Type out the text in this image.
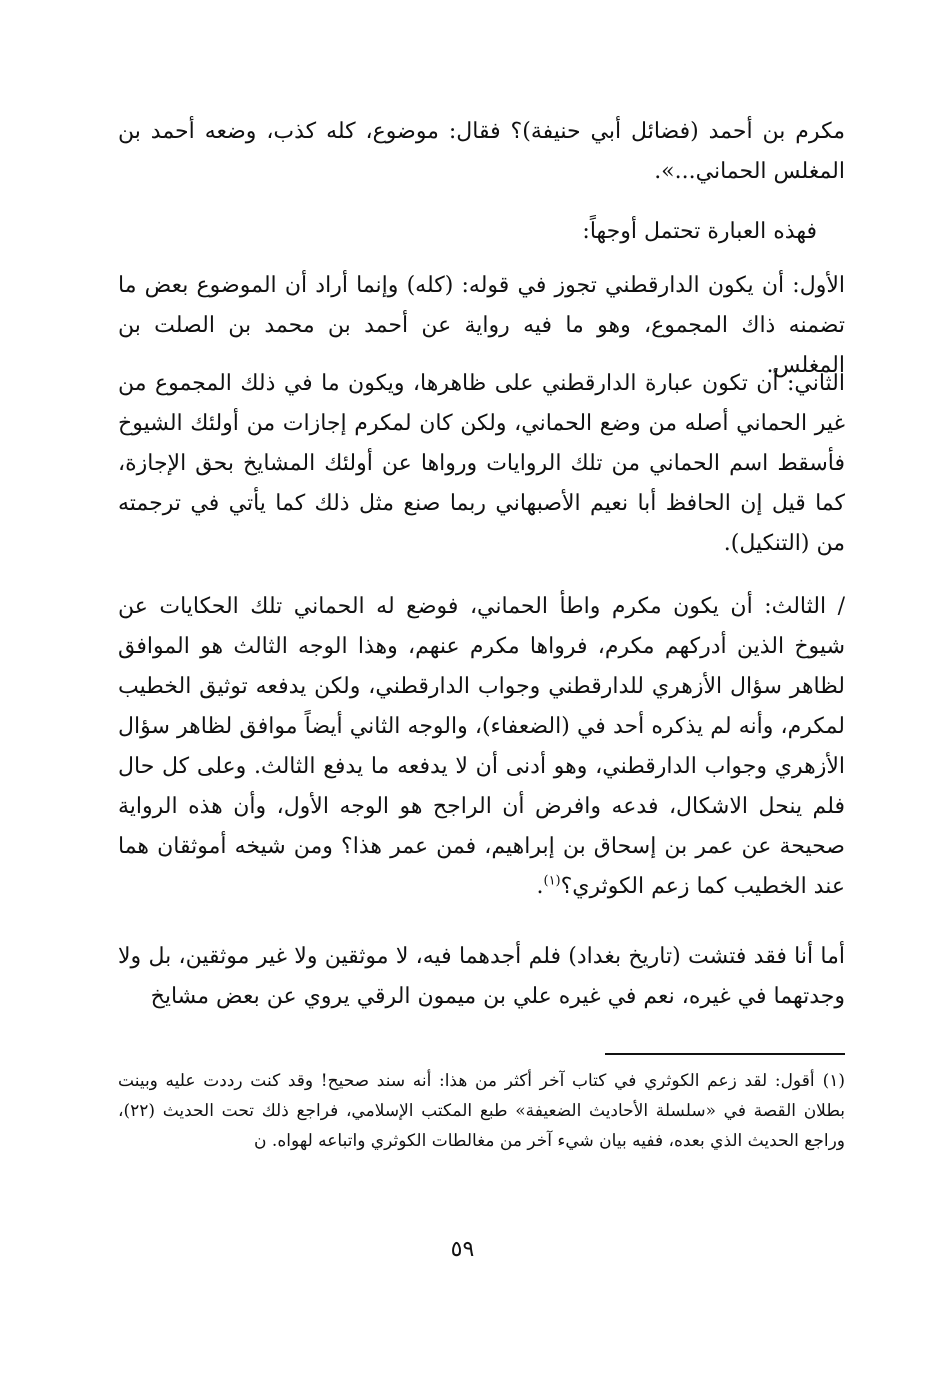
مكرم بن أحمد (فضائل أبي حنيفة)؟ فقال: موضوع، كله كذب، وضعه أحمد بن المغلس الحماني...».

فهذه العبارة تحتمل أوجهاً:

الأول: أن يكون الدارقطني تجوز في قوله: (كله) وإنما أراد أن الموضوع بعض ما تضمنه ذاك المجموع، وهو ما فيه رواية عن أحمد بن محمد بن الصلت بن المغلس.

الثاني: أن تكون عبارة الدارقطني على ظاهرها، ويكون ما في ذلك المجموع من غير الحماني أصله من وضع الحماني، ولكن كان لمكرم إجازات من أولئك الشيوخ فأسقط اسم الحماني من تلك الروايات ورواها عن أولئك المشايخ بحق الإجازة، كما قيل إن الحافظ أبا نعيم الأصبهاني ربما صنع مثل ذلك كما يأتي في ترجمته من (التنكيل).

/ الثالث: أن يكون مكرم واطأ الحماني، فوضع له الحماني تلك الحكايات عن شيوخ الذين أدركهم مكرم، فرواها مكرم عنهم، وهذا الوجه الثالث هو الموافق لظاهر سؤال الأزهري للدارقطني وجواب الدارقطني، ولكن يدفعه توثيق الخطيب لمكرم، وأنه لم يذكره أحد في (الضعفاء)، والوجه الثاني أيضاً موافق لظاهر سؤال الأزهري وجواب الدارقطني، وهو أدنى أن لا يدفعه ما يدفع الثالث. وعلى كل حال فلم ينحل الاشكال، فدعه وافرض أن الراجح هو الوجه الأول، وأن هذه الرواية صحيحة عن عمر بن إسحاق بن إبراهيم، فمن عمر هذا؟ ومن شيخه أموثقان هما عند الخطيب كما زعم الكوثري؟$^{(١)}$.

أما أنا فقد فتشت (تاريخ بغداد) فلم أجدهما فيه، لا موثقين ولا غير موثقين، بل ولا وجدتهما في غيره، نعم في غيره علي بن ميمون الرقي يروي عن بعض مشايخ

(١)أقول: لقد زعم الكوثري في كتاب آخر أكثر من هذا: أنه سند صحيح! وقد كنت رددت عليه وبينت بطلان القصة في «سلسلة الأحاديث الضعيفة» طبع المكتب الإسلامي، فراجع ذلك تحت الحديث (٢٢)، وراجع الحديث الذي بعده، ففيه بيان شيء آخر من مغالطات الكوثري واتباعه لهواه. ن

٥٩
